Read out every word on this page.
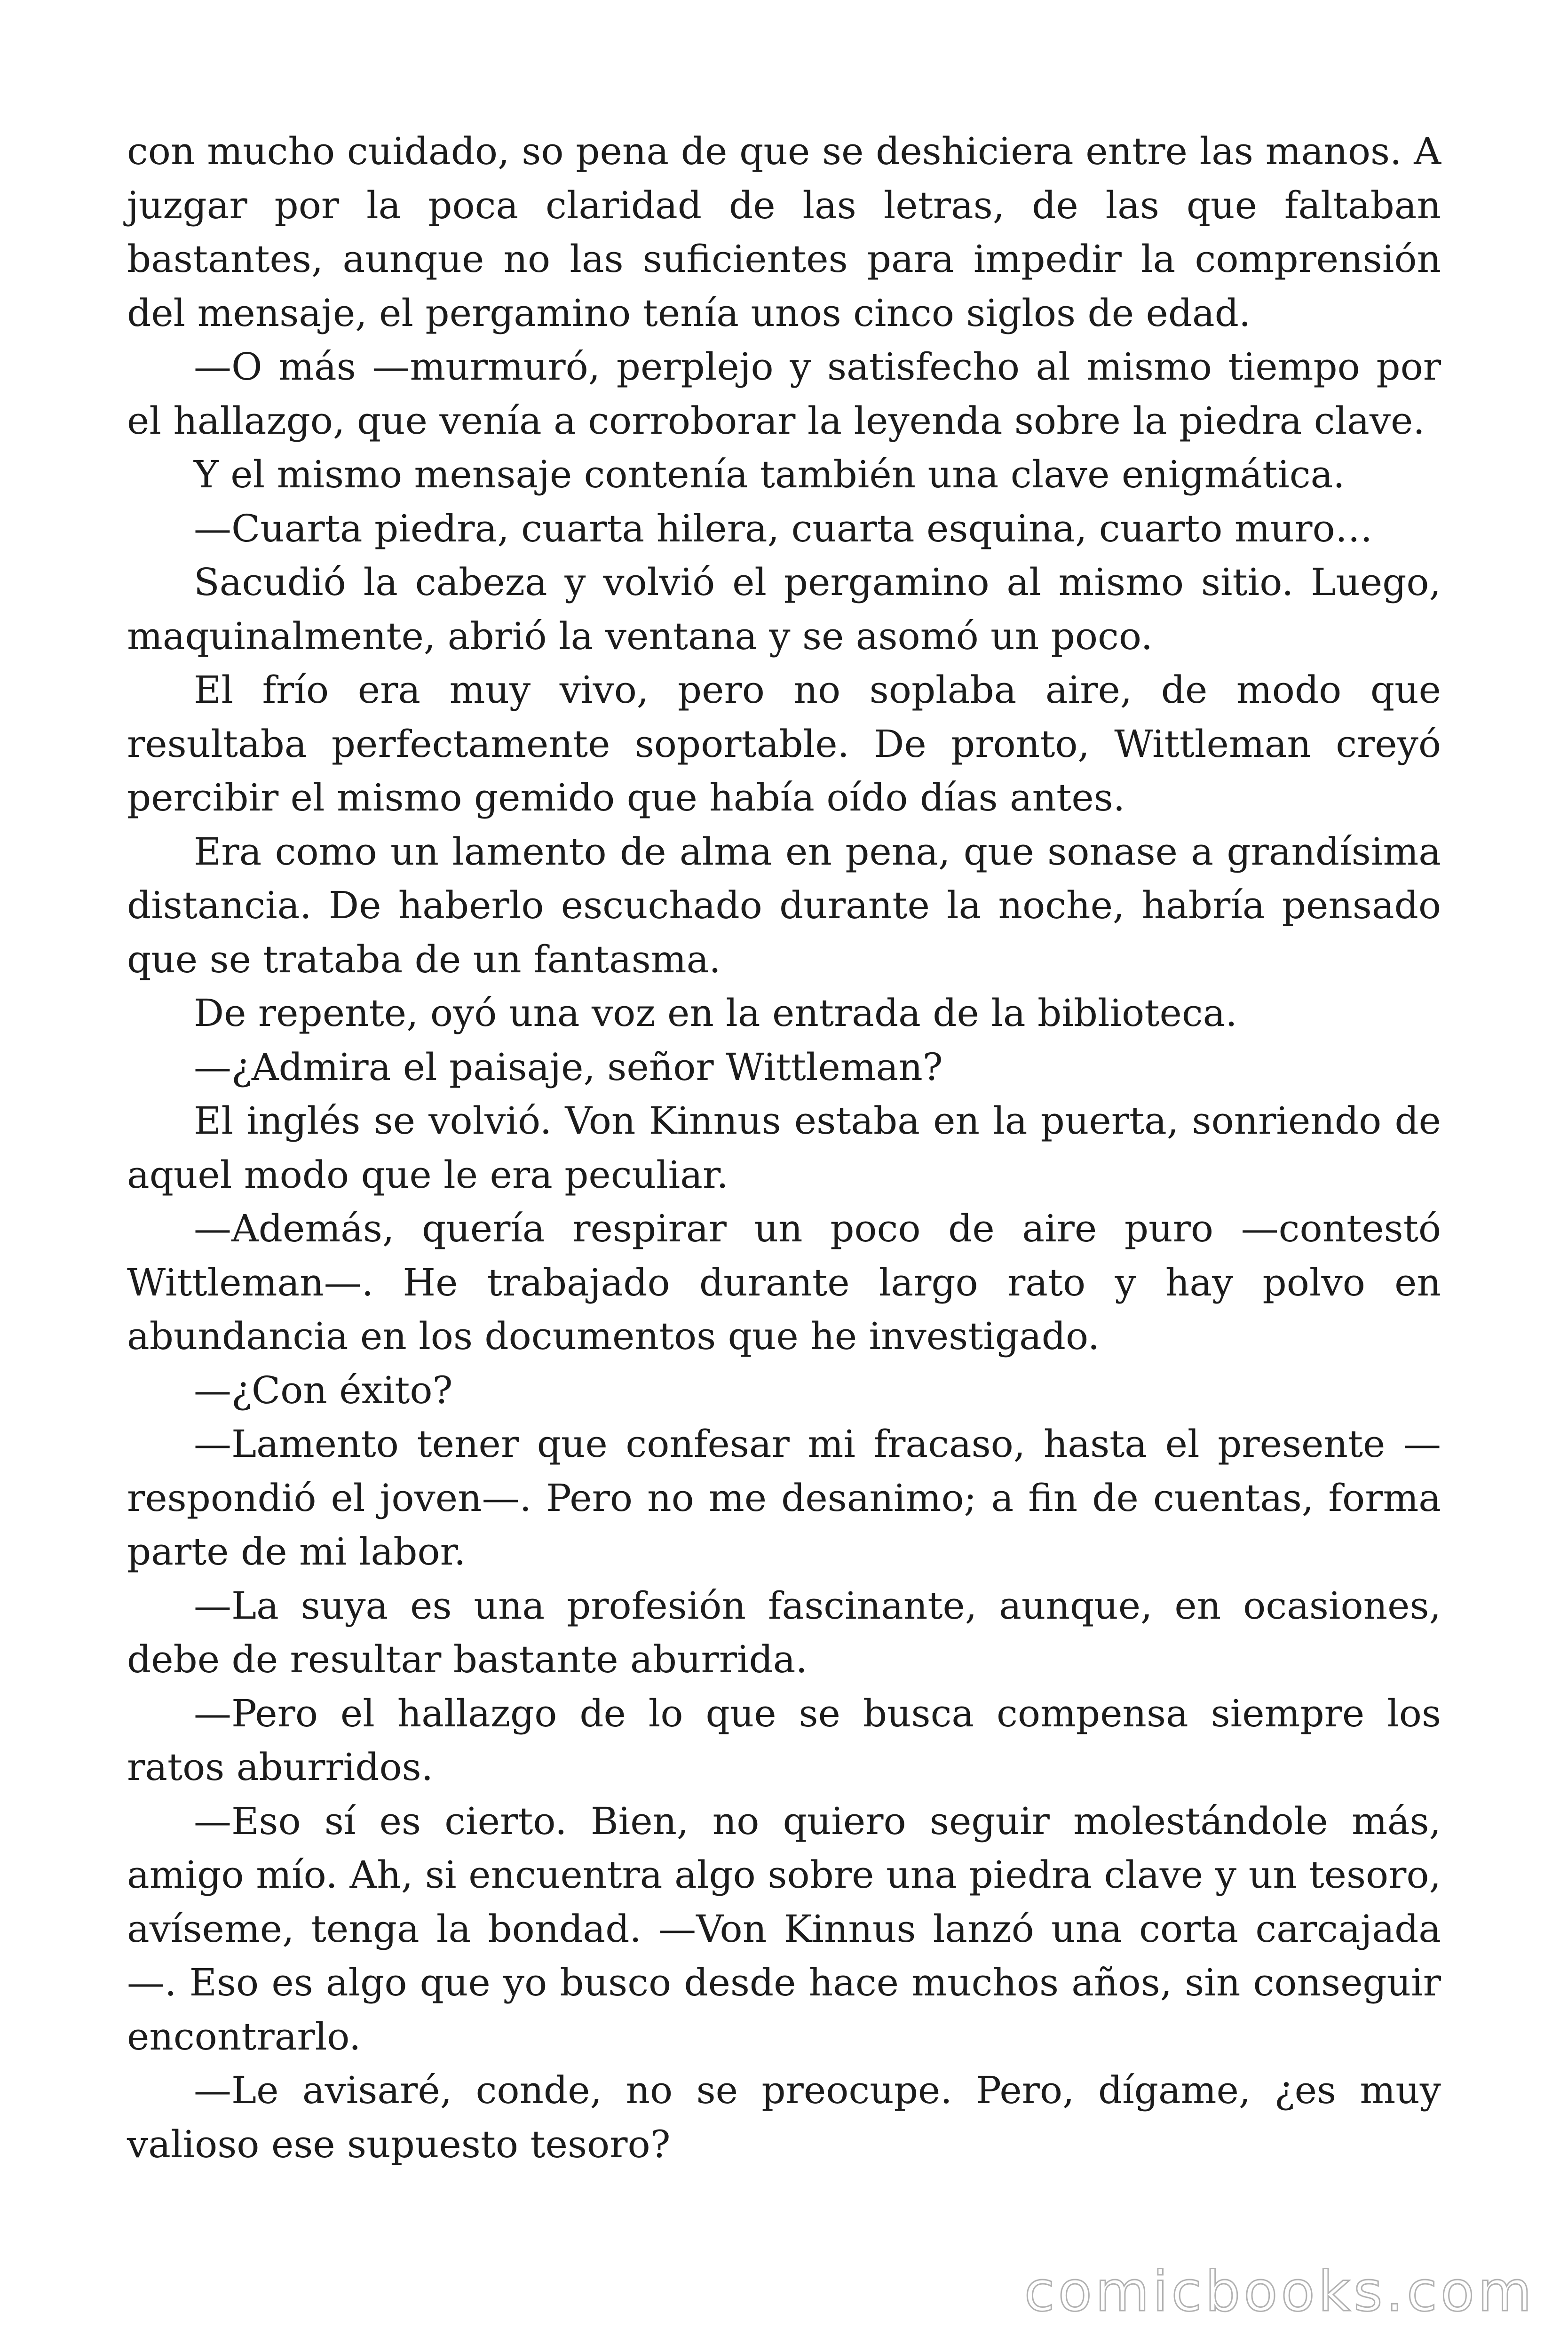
con mucho cuidado, so pena de que se deshiciera entre las manos. A juzgar por la poca claridad de las letras, de las que faltaban bastantes, aunque no las suficientes para impedir la comprensión del mensaje, el pergamino tenía unos cinco siglos de edad.

—O más —murmuró, perplejo y satisfecho al mismo tiempo por el hallazgo, que venía a corroborar la leyenda sobre la piedra clave.

Y el mismo mensaje contenía también una clave enigmática.

—Cuarta piedra, cuarta hilera, cuarta esquina, cuarto muro…

Sacudió la cabeza y volvió el pergamino al mismo sitio. Luego, maquinalmente, abrió la ventana y se asomó un poco.

El frío era muy vivo, pero no soplaba aire, de modo que resultaba perfectamente soportable. De pronto, Wittleman creyó percibir el mismo gemido que había oído días antes.

Era como un lamento de alma en pena, que sonase a grandísima distancia. De haberlo escuchado durante la noche, habría pensado que se trataba de un fantasma.

De repente, oyó una voz en la entrada de la biblioteca.

—¿Admira el paisaje, señor Wittleman?

El inglés se volvió. Von Kinnus estaba en la puerta, sonriendo de aquel modo que le era peculiar.

—Además, quería respirar un poco de aire puro —contestó Wittleman—. He trabajado durante largo rato y hay polvo en abundancia en los documentos que he investigado.

—¿Con éxito?

—Lamento tener que confesar mi fracaso, hasta el presente — respondió el joven—. Pero no me desanimo; a fin de cuentas, forma parte de mi labor.

—La suya es una profesión fascinante, aunque, en ocasiones, debe de resultar bastante aburrida.

—Pero el hallazgo de lo que se busca compensa siempre los ratos aburridos.

—Eso sí es cierto. Bien, no quiero seguir molestándole más, amigo mío. Ah, si encuentra algo sobre una piedra clave y un tesoro, avíseme, tenga la bondad. —Von Kinnus lanzó una corta carcajada—. Eso es algo que yo busco desde hace muchos años, sin conseguir encontrarlo.

—Le avisaré, conde, no se preocupe. Pero, dígame, ¿es muy valioso ese supuesto tesoro?

comicbooks.com
